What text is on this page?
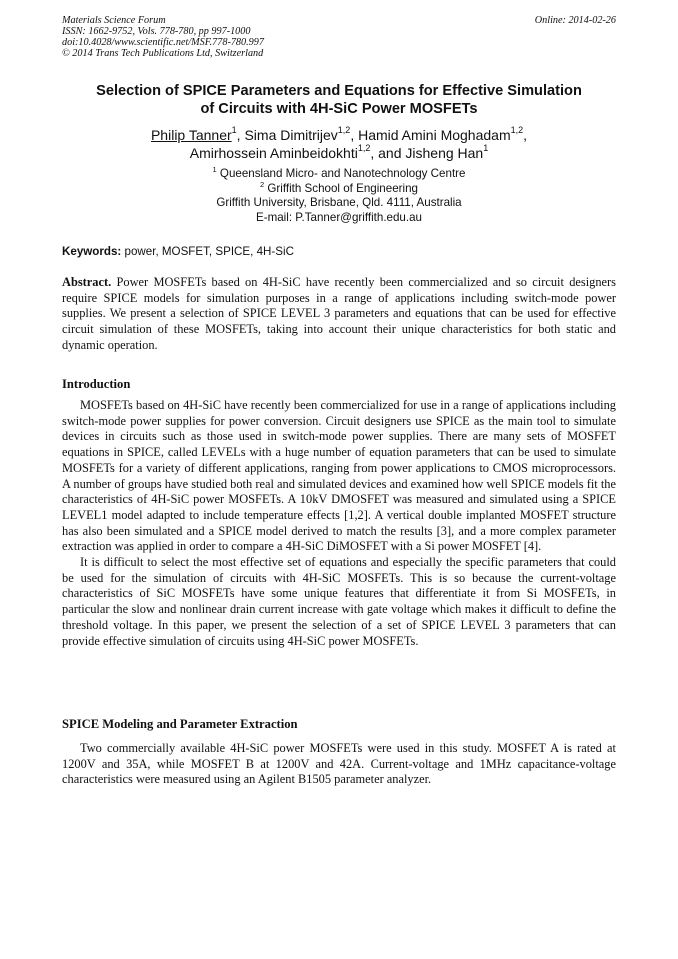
Materials Science Forum
ISSN: 1662-9752, Vols. 778-780, pp 997-1000
doi:10.4028/www.scientific.net/MSF.778-780.997
© 2014 Trans Tech Publications Ltd, Switzerland
Online: 2014-02-26
Selection of SPICE Parameters and Equations for Effective Simulation
of Circuits with 4H-SiC Power MOSFETs
Philip Tanner$^1$, Sima Dimitrijev$^{1,2}$, Hamid Amini Moghadam$^{1,2}$,
Amirhossein Aminbeidokhti$^{1,2}$, and Jisheng Han$^1$
$^1$ Queensland Micro- and Nanotechnology Centre
$^2$ Griffith School of Engineering
Griffith University, Brisbane, Qld. 4111, Australia
E-mail: P.Tanner@griffith.edu.au
Keywords: power, MOSFET, SPICE, 4H-SiC
Abstract. Power MOSFETs based on 4H-SiC have recently been commercialized and so circuit designers require SPICE models for simulation purposes in a range of applications including switch-mode power supplies. We present a selection of SPICE LEVEL 3 parameters and equations that can be used for effective circuit simulation of these MOSFETs, taking into account their unique characteristics for both static and dynamic operation.
Introduction

MOSFETs based on 4H-SiC have recently been commercialized for use in a range of applications including switch-mode power supplies for power conversion. Circuit designers use SPICE as the main tool to simulate devices in circuits such as those used in switch-mode power supplies. There are many sets of MOSFET equations in SPICE, called LEVELs with a huge number of equation parameters that can be used to simulate MOSFETs for a variety of different applications, ranging from power applications to CMOS microprocessors. A number of groups have studied both real and simulated devices and examined how well SPICE models fit the characteristics of 4H-SiC power MOSFETs. A 10kV DMOSFET was measured and simulated using a SPICE LEVEL1 model adapted to include temperature effects [1,2]. A vertical double implanted MOSFET structure has also been simulated and a SPICE model derived to match the results [3], and a more complex parameter extraction was applied in order to compare a 4H-SiC DiMOSFET with a Si power MOSFET [4].

It is difficult to select the most effective set of equations and especially the specific parameters that could be used for the simulation of circuits with 4H-SiC MOSFETs. This is so because the current-voltage characteristics of SiC MOSFETs have some unique features that differentiate it from Si MOSFETs, in particular the slow and nonlinear drain current increase with gate voltage which makes it difficult to define the threshold voltage. In this paper, we present the selection of a set of SPICE LEVEL 3 parameters that can provide effective simulation of circuits using 4H-SiC power MOSFETs.

SPICE Modeling and Parameter Extraction

Two commercially available 4H-SiC power MOSFETs were used in this study. MOSFET A is rated at 1200V and 35A, while MOSFET B at 1200V and 42A. Current-voltage and 1MHz capacitance-voltage characteristics were measured using an Agilent B1505 parameter analyzer.
